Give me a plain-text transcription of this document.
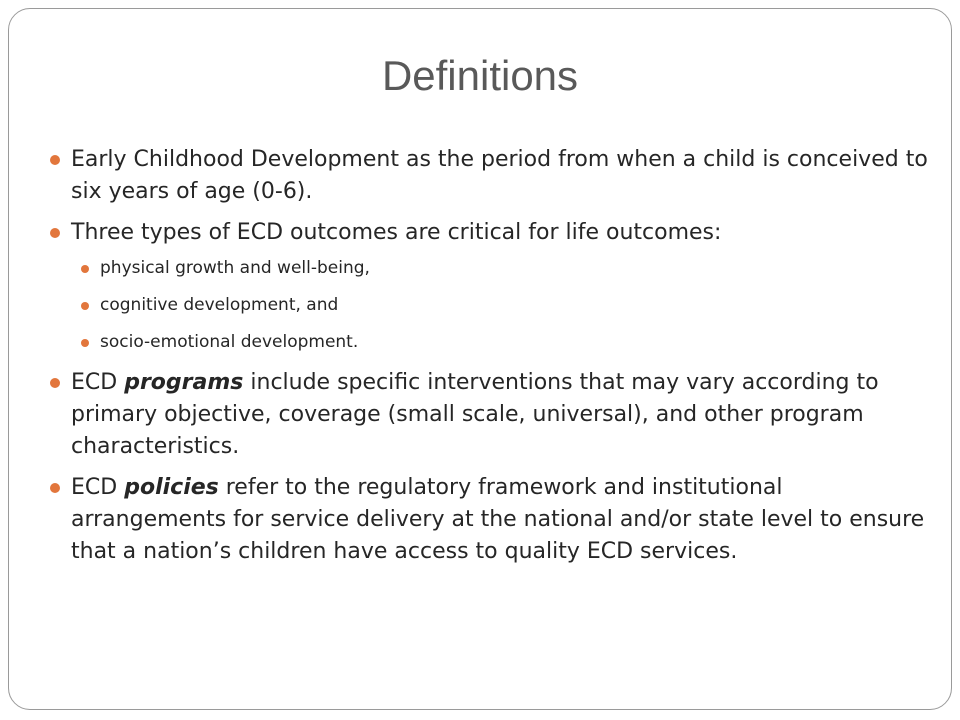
Definitions
Early Childhood Development as the period from when a child is conceived to six years of age (0-6).
Three types of ECD outcomes are critical for life outcomes:
physical growth and well-being,
cognitive development, and
socio-emotional development.
ECD programs include specific interventions that may vary according to primary objective, coverage (small scale, universal), and other program characteristics.
ECD policies refer to the regulatory framework and institutional arrangements for service delivery at the national and/or state level to ensure that a nation’s children have access to quality ECD services.
